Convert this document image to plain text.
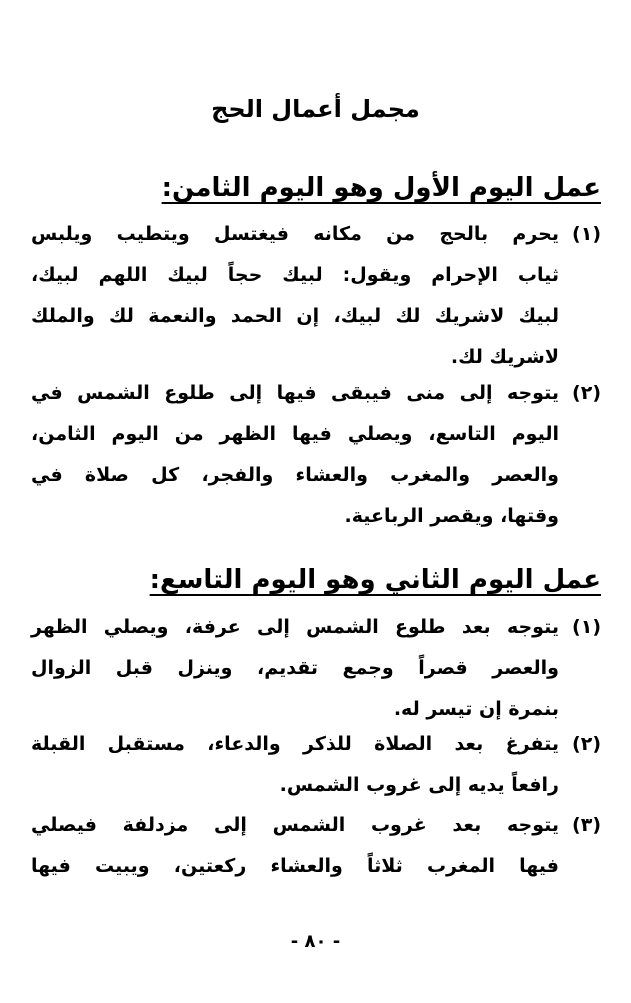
مجمل أعمال الحج
عمل اليوم الأول وهو اليوم الثامن:
(١)
يحرم بالحج من مكانه فيغتسل ويتطيب ويلبس
ثياب الإحرام ويقول: لبيك حجاً لبيك اللهم لبيك،
لبيك لاشريك لك لبيك، إن الحمد والنعمة لك والملك
لاشريك لك.
(٢)
يتوجه إلى منى فيبقى فيها إلى طلوع الشمس في
اليوم التاسع، ويصلي فيها الظهر من اليوم الثامن،
والعصر والمغرب والعشاء والفجر، كل صلاة في
وقتها، ويقصر الرباعية.
عمل اليوم الثاني وهو اليوم التاسع:
(١)
يتوجه بعد طلوع الشمس إلى عرفة، ويصلي الظهر
والعصر قصراً وجمع تقديم، وينزل قبل الزوال
بنمرة إن تيسر له.
(٢)
يتفرغ بعد الصلاة للذكر والدعاء، مستقبل القبلة
رافعاً يديه إلى غروب الشمس.
(٣)
يتوجه بعد غروب الشمس إلى مزدلفة فيصلي
فيها المغرب ثلاثاً والعشاء ركعتين، ويبيت فيها
- ٨٠ -
